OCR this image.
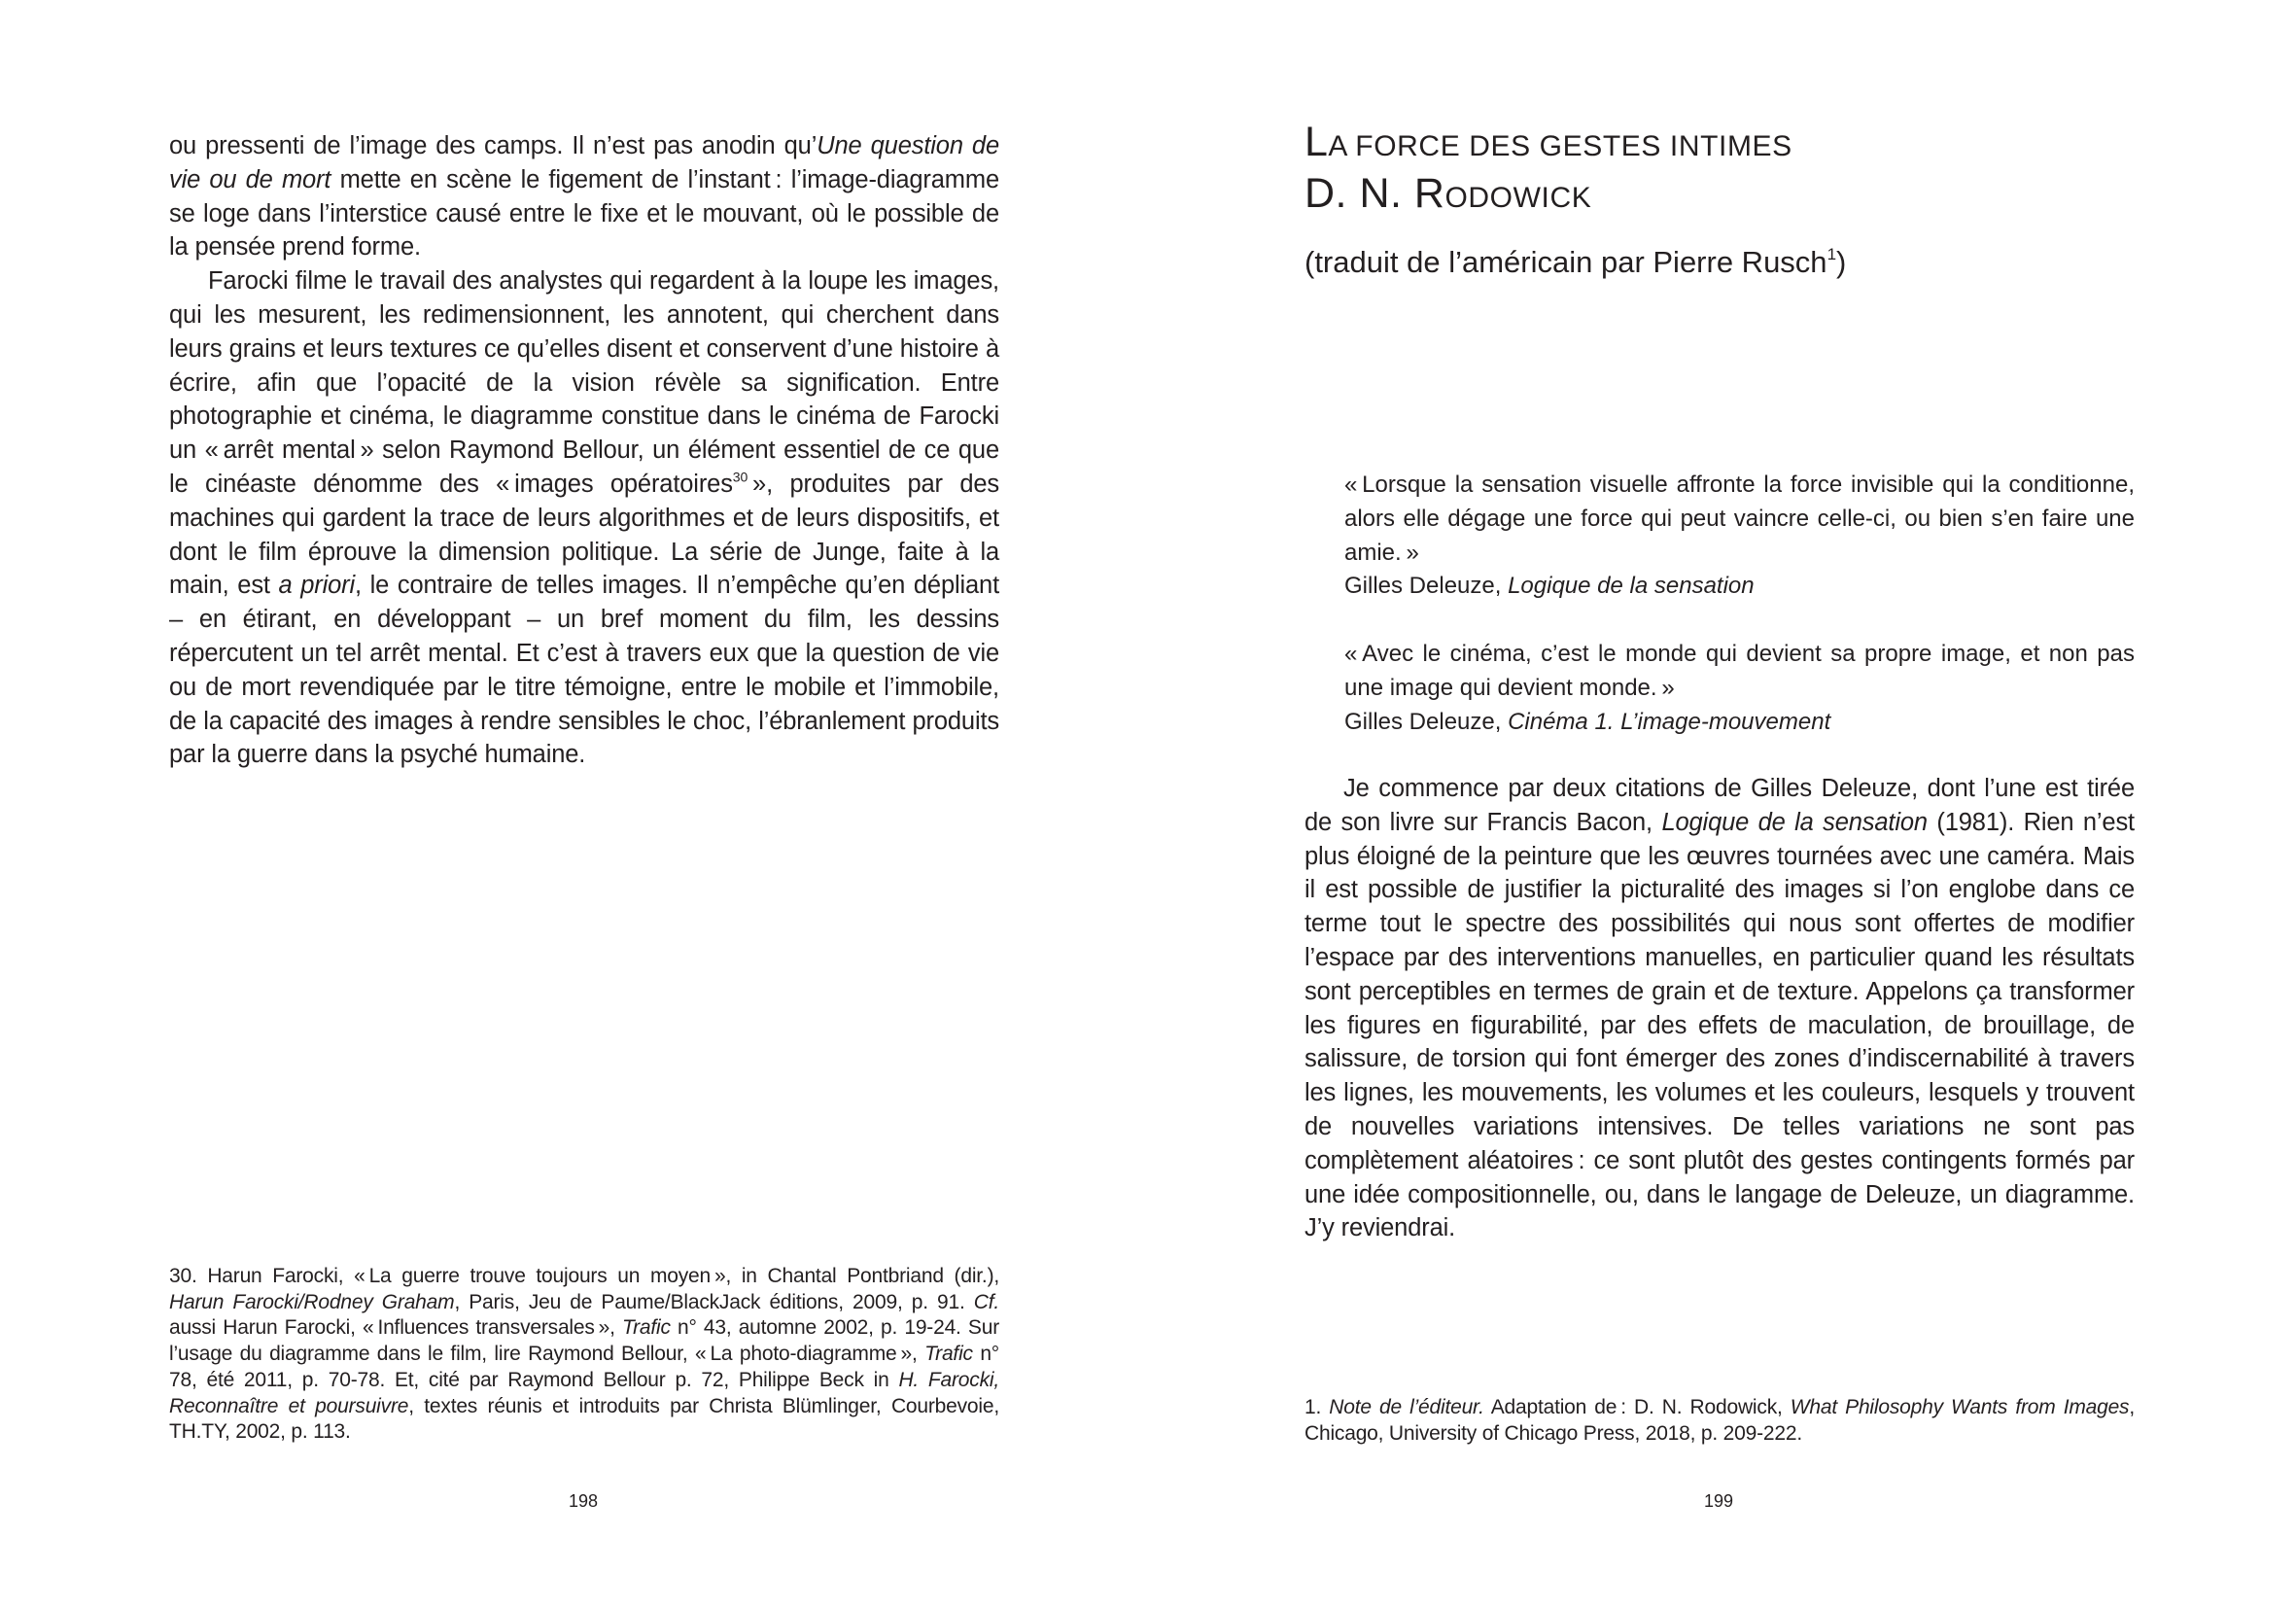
ou pressenti de l’image des camps. Il n’est pas anodin qu’Une question de vie ou de mort mette en scène le figement de l’instant : l’image-diagramme se loge dans l’interstice causé entre le fixe et le mouvant, où le possible de la pensée prend forme.

Farocki filme le travail des analystes qui regardent à la loupe les images, qui les mesurent, les redimensionnent, les annotent, qui cherchent dans leurs grains et leurs textures ce qu’elles disent et conservent d’une histoire à écrire, afin que l’opacité de la vision révèle sa signification. Entre photographie et cinéma, le diagramme constitue dans le cinéma de Farocki un « arrêt mental » selon Raymond Bellour, un élément essentiel de ce que le cinéaste dénomme des « images opératoires$^{30}$ », produites par des machines qui gardent la trace de leurs algorithmes et de leurs dispositifs, et dont le film éprouve la dimension politique. La série de Junge, faite à la main, est a priori, le contraire de telles images. Il n’empêche qu’en dépliant – en étirant, en développant – un bref moment du film, les dessins répercutent un tel arrêt mental. Et c’est à travers eux que la question de vie ou de mort revendiquée par le titre témoigne, entre le mobile et l’immobile, de la capacité des images à rendre sensibles le choc, l’ébranlement produits par la guerre dans la psyché humaine.

30. Harun Farocki, « La guerre trouve toujours un moyen », in Chantal Pontbriand (dir.), Harun Farocki/Rodney Graham, Paris, Jeu de Paume/BlackJack éditions, 2009, p. 91. Cf. aussi Harun Farocki, « Influences transversales », Trafic n° 43, automne 2002, p. 19-24. Sur l’usage du diagramme dans le film, lire Raymond Bellour, « La photo-diagramme », Trafic n° 78, été 2011, p. 70-78. Et, cité par Raymond Bellour p. 72, Philippe Beck in H. Farocki, Reconnaître et poursuivre, textes réunis et introduits par Christa Blümlinger, Courbevoie, TH.TY, 2002, p. 113.

198
LA FORCE DES GESTES INTIMES
D. N. RODOWICK

(traduit de l’américain par Pierre Rusch$^1$)

« Lorsque la sensation visuelle affronte la force invisible qui la conditionne, alors elle dégage une force qui peut vaincre celle-ci, ou bien s’en faire une amie. »

Gilles Deleuze, Logique de la sensation

« Avec le cinéma, c’est le monde qui devient sa propre image, et non pas une image qui devient monde. »

Gilles Deleuze, Cinéma 1. L’image-mouvement

Je commence par deux citations de Gilles Deleuze, dont l’une est tirée de son livre sur Francis Bacon, Logique de la sensation (1981). Rien n’est plus éloigné de la peinture que les œuvres tournées avec une caméra. Mais il est possible de justifier la picturalité des images si l’on englobe dans ce terme tout le spectre des possibilités qui nous sont offertes de modifier l’espace par des interventions manuelles, en particulier quand les résultats sont perceptibles en termes de grain et de texture. Appelons ça transformer les figures en figurabilité, par des effets de maculation, de brouillage, de salissure, de torsion qui font émerger des zones d’indiscernabilité à travers les lignes, les mouvements, les volumes et les couleurs, lesquels y trouvent de nouvelles variations intensives. De telles variations ne sont pas complètement aléatoires : ce sont plutôt des gestes contingents formés par une idée compositionnelle, ou, dans le langage de Deleuze, un diagramme. J’y reviendrai.

1. Note de l’éditeur. Adaptation de : D. N. Rodowick, What Philosophy Wants from Images, Chicago, University of Chicago Press, 2018, p. 209-222.

199
